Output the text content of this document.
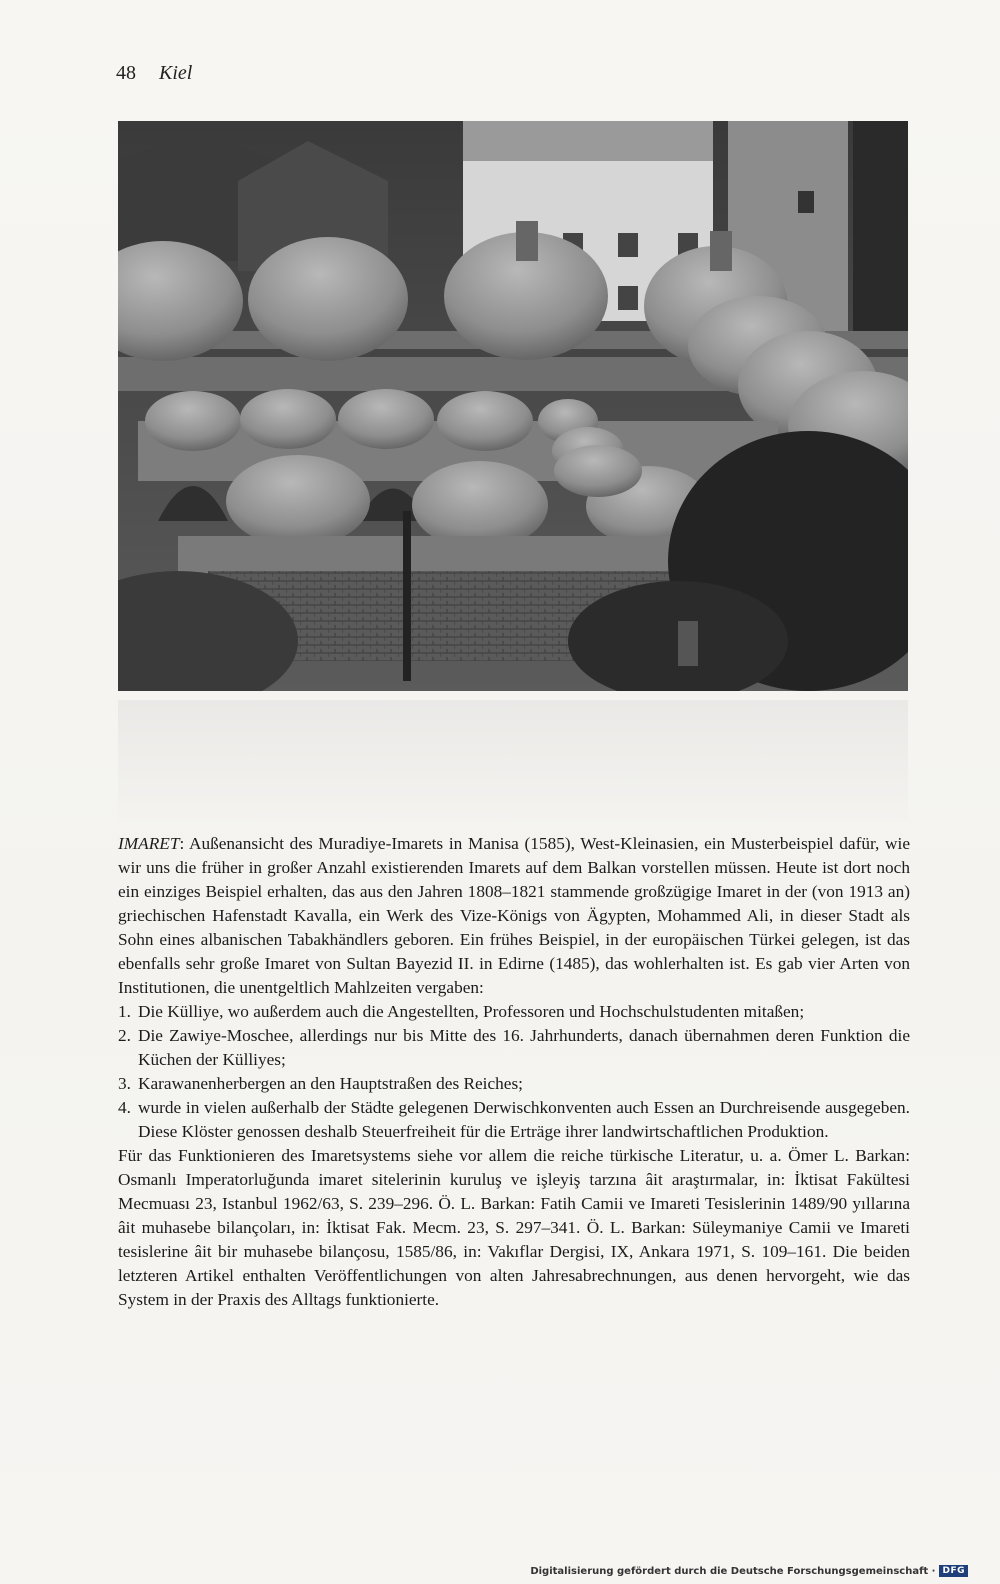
48 Kiel

IMARET: Außenansicht des Muradiye-Imarets in Manisa (1585), West-Kleinasien, ein Musterbeispiel dafür, wie wir uns die früher in großer Anzahl existierenden Imarets auf dem Balkan vorstellen müssen. Heute ist dort noch ein einziges Beispiel erhalten, das aus den Jahren 1808–1821 stammende großzügige Imaret in der (von 1913 an) griechischen Hafenstadt Kavalla, ein Werk des Vize-Königs von Ägypten, Mohammed Ali, in dieser Stadt als Sohn eines albanischen Tabakhändlers geboren. Ein frühes Beispiel, in der europäischen Türkei gelegen, ist das ebenfalls sehr große Imaret von Sultan Bayezid II. in Edirne (1485), das wohlerhalten ist. Es gab vier Arten von Institutionen, die unentgeltlich Mahlzeiten vergaben:

1. Die Külliye, wo außerdem auch die Angestellten, Professoren und Hochschulstudenten mitaßen;
2. Die Zawiye-Moschee, allerdings nur bis Mitte des 16. Jahrhunderts, danach übernahmen deren Funktion die Küchen der Külliyes;
3. Karawanenherbergen an den Hauptstraßen des Reiches;
4. wurde in vielen außerhalb der Städte gelegenen Derwischkonventen auch Essen an Durchreisende ausgegeben. Diese Klöster genossen deshalb Steuerfreiheit für die Erträge ihrer landwirtschaftlichen Produktion.

Für das Funktionieren des Imaretsystems siehe vor allem die reiche türkische Literatur, u. a. Ömer L. Barkan: Osmanlı Imperatorluğunda imaret sitelerinin kuruluş ve işleyiş tarzına âit araştırmalar, in: İktisat Fakültesi Mecmuası 23, Istanbul 1962/63, S. 239–296. Ö. L. Barkan: Fatih Camii ve Imareti Tesislerinin 1489/90 yıllarına âit muhasebe bilançoları, in: İktisat Fak. Mecm. 23, S. 297–341. Ö. L. Barkan: Süleymaniye Camii ve Imareti tesislerine âit bir muhasebe bilançosu, 1585/86, in: Vakıflar Dergisi, IX, Ankara 1971, S. 109–161. Die beiden letzteren Artikel enthalten Veröffentlichungen von alten Jahresabrechnungen, aus denen hervorgeht, wie das System in der Praxis des Alltags funktionierte.

Digitalisierung gefördert durch die Deutsche Forschungsgemeinschaft · DFG
